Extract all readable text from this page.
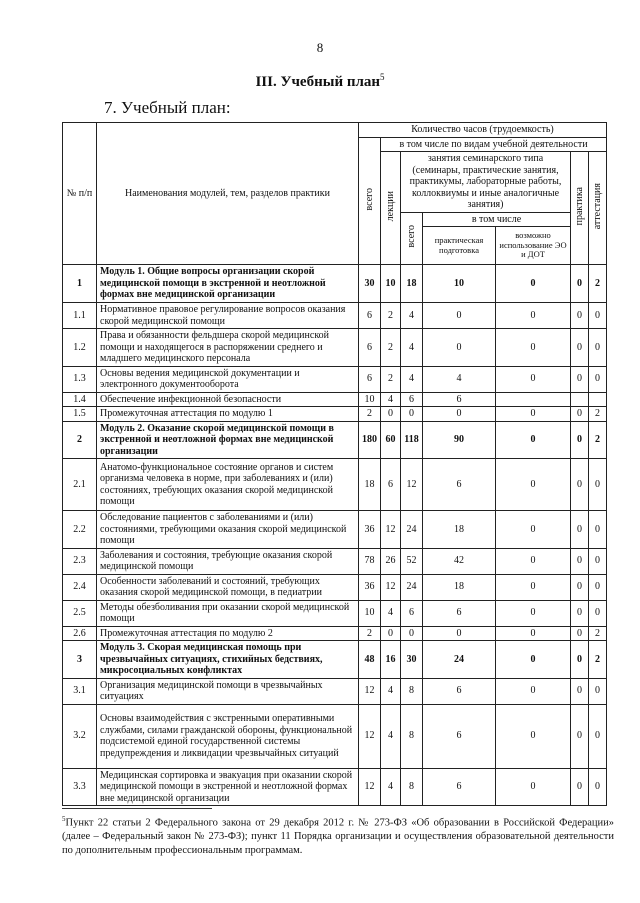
8
III. Учебный план$^5$
7. Учебный план:
№ п/п	Наименования модулей, тем, разделов практики	Количество часов (трудоемкость)						
		всего	в том числе по видам учебной деятельности					
			лекции	занятия семинарского типа (семинары, практические занятия, практикумы, лабораторные работы, коллоквиумы и иные аналогичные занятия)			практика	аттестация
				всего	в том числе			
					практическая подготовка	возможно использование ЭО и ДОТ		
1	Модуль 1. Общие вопросы организации скорой медицинской помощи в экстренной и неотложной формах вне медицинской организации	30	10	18	10	0	0	2
1.1	Нормативное правовое регулирование вопросов оказания скорой медицинской помощи	6	2	4	0	0	0	0
1.2	Права и обязанности фельдшера скорой медицинской помощи и находящегося в распоряжении среднего и младшего медицинского персонала	6	2	4	0	0	0	0
1.3	Основы ведения медицинской документации и электронного документооборота	6	2	4	4	0	0	0
1.4	Обеспечение инфекционной безопасности	10	4	6	6			
1.5	Промежуточная аттестация по модулю 1	2	0	0	0	0	0	2
2	Модуль 2. Оказание скорой медицинской помощи в экстренной и неотложной формах вне медицинской организации	180	60	118	90	0	0	2
2.1	Анатомо-функциональное состояние органов и систем организма человека в норме, при заболеваниях и (или) состояниях, требующих оказания скорой медицинской помощи	18	6	12	6	0	0	0
2.2	Обследование пациентов с заболеваниями и (или) состояниями, требующими оказания скорой медицинской помощи	36	12	24	18	0	0	0
2.3	Заболевания и состояния, требующие оказания скорой медицинской помощи	78	26	52	42	0	0	0
2.4	Особенности заболеваний и состояний, требующих оказания скорой медицинской помощи, в педиатрии	36	12	24	18	0	0	0
2.5	Методы обезболивания при оказании скорой медицинской помощи	10	4	6	6	0	0	0
2.6	Промежуточная аттестация по модулю 2	2	0	0	0	0	0	2
3	Модуль 3. Скорая медицинская помощь при чрезвычайных ситуациях, стихийных бедствиях, микросоциальных конфликтах	48	16	30	24	0	0	2
3.1	Организация медицинской помощи в чрезвычайных ситуациях	12	4	8	6	0	0	0
3.2	Основы взаимодействия с экстренными оперативными службами, силами гражданской обороны, функциональной подсистемой единой государственной системы предупреждения и ликвидации чрезвычайных ситуаций	12	4	8	6	0	0	0
3.3	Медицинская сортировка и эвакуация при оказании скорой медицинской помощи в экстренной и неотложной формах вне медицинской организации	12	4	8	6	0	0	0
$^5$Пункт 22 статьи 2 Федерального закона от 29 декабря 2012 г. № 273-ФЗ «Об образовании в Российской Федерации» (далее – Федеральный закон № 273-ФЗ); пункт 11 Порядка организации и осуществления образовательной деятельности по дополнительным профессиональным программам.
